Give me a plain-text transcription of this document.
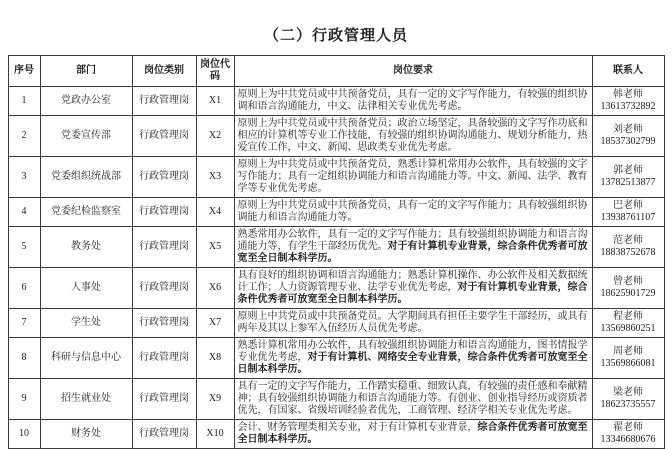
（二）行政管理人员
序号	部门	岗位类别	岗位代码	岗位要求	联系人
1	党政办公室	行政管理岗	X1	原则上为中共党员或中共预备党员，具有一定的文字写作能力，有较强的组织协调和语言沟通能力，中文、法律相关专业优先考虑。	韩老师
13613732892

2	党委宣传部	行政管理岗	X2	原则上为中共党员或中共预备党员；政治立场坚定，具备较强的文字写作功底和相应的计算机等专业工作技能，有较强的组织协调沟通能力、规划分析能力，热爱宣传工作，中文、新闻、思政类专业优先考虑。	刘老师
18537302799

3	党委组织统战部	行政管理岗	X3	原则上为中共党员或中共预备党员，熟悉计算机常用办公软件，具有较强的文字写作能力；具有一定组织协调能力和语言沟通能力等。中文、新闻、法学、教育学等专业优先考虑。	郭老师
13782513877

4	党委纪检监察室	行政管理岗	X4	原则上为中共党员或中共预备党员，具有一定的文字写作能力；具有较强组织协调能力和语言沟通能力等。	巴老师
13938761107

5	教务处	行政管理岗	X5	熟悉常用办公软件，具有一定的文字写作能力；具有较强组织协调能力和语言沟通能力等，有学生干部经历优先。对于有计算机专业背景，综合条件优秀者可放宽至全日制本科学历。	范老师
18838752678

6	人事处	行政管理岗	X6	具有良好的组织协调和语言沟通能力；熟悉计算机操作、办公软件及相关数据统计工作；人力资源管理专业、法学专业优先考虑，对于有计算机专业背景，综合条件优秀者可放宽至全日制本科学历。	曾老师
18625901729

7	学生处	行政管理岗	X7	原则上中共党员或中共预备党员。大学期间具有担任主要学生干部经历，或具有两年及其以上参军入伍经历人员优先考虑。	程老师
13569860251

8	科研与信息中心	行政管理岗	X8	熟悉计算机常用办公软件，具有较强组织协调能力和语言沟通能力，图书情报学专业优先考虑，对于有计算机、网络安全专业背景，综合条件优秀者可放宽至全日制本科学历。	周老师
13569866081

9	招生就业处	行政管理岗	X9	具有一定的文字写作能力，工作踏实稳重、细致认真，有较强的责任感和奉献精神；具有较强组织协调能力和语言沟通能力等。有创业、创业指导经历或资质者优先，有国家、省级培训经验者优先，工商管理、经济学相关专业优先考虑。	梁老师
18623735557

10	财务处	行政管理岗	X10	会计、财务管理类相关专业，对于有计算机专业背景，综合条件优秀者可放宽至全日制本科学历。	翟老师
13346680676
